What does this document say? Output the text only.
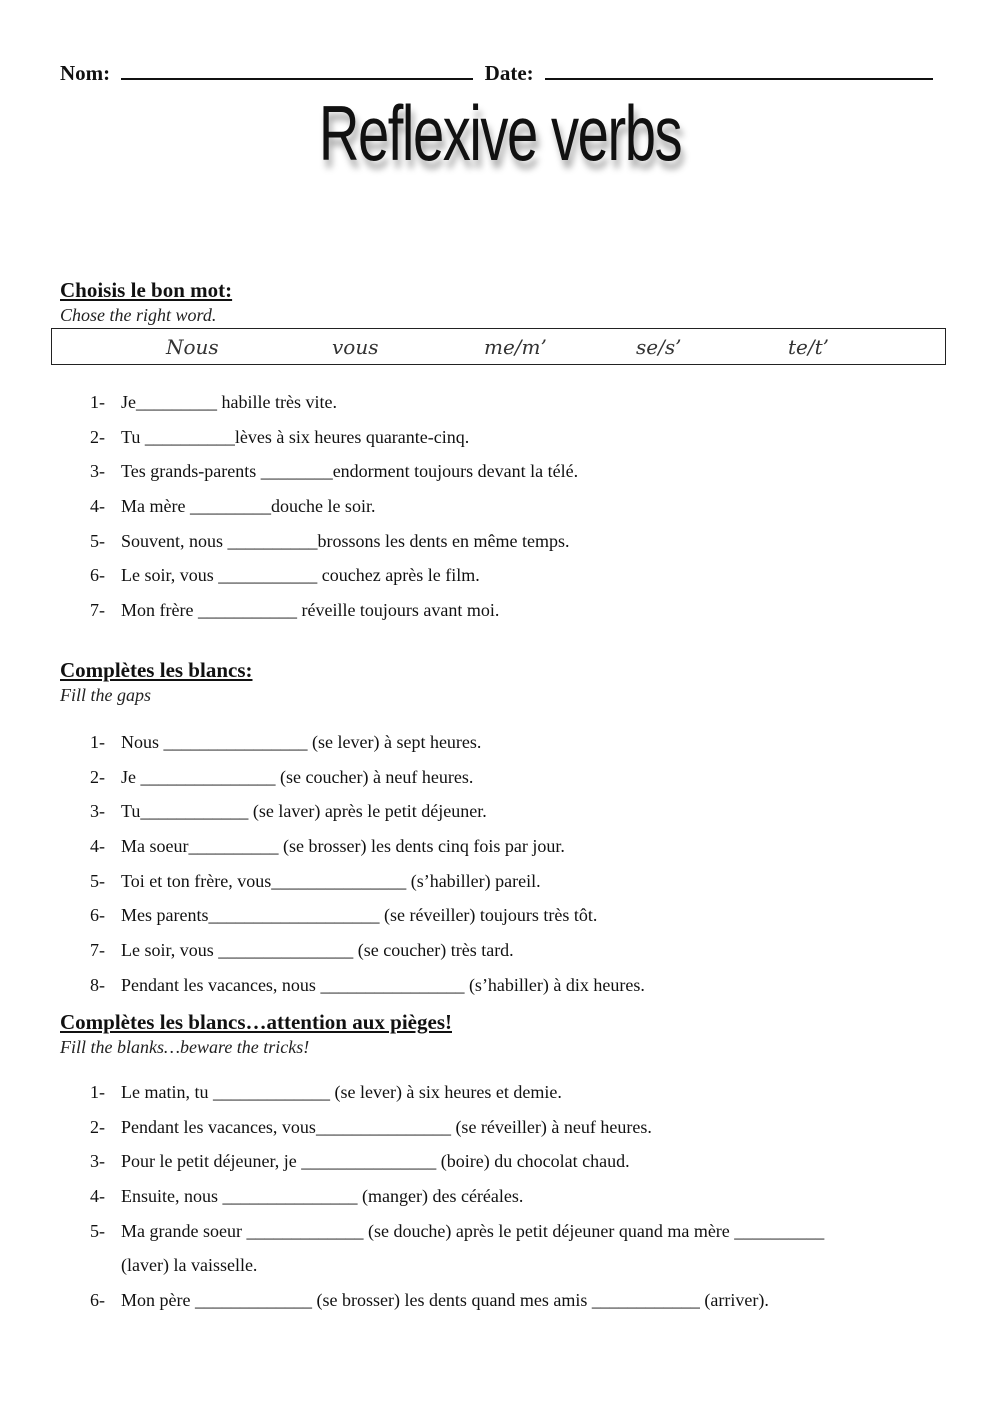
Nom:	Date:
Reflexive verbs
Choisis le bon mot:
Chose the right word.
Nous	vous	me/m’	se/s’	te/t’
1- Je_________ habille très vite.
2- Tu __________lèves à six heures quarante-cinq.
3- Tes grands-parents ________endorment toujours devant la télé.
4- Ma mère _________douche le soir.
5- Souvent, nous __________brossons les dents en même temps.
6- Le soir, vous ___________ couchez après le film.
7- Mon frère ___________ réveille toujours avant moi.
Complètes les blancs:
Fill the gaps
1- Nous ________________ (se lever) à sept heures.
2- Je _______________ (se coucher) à neuf heures.
3- Tu____________ (se laver) après le petit déjeuner.
4- Ma soeur__________ (se brosser) les dents cinq fois par jour.
5- Toi et ton frère, vous_______________ (s’habiller) pareil.
6- Mes parents___________________ (se réveiller) toujours très tôt.
7- Le soir, vous _______________ (se coucher) très tard.
8- Pendant les vacances, nous ________________ (s’habiller) à dix heures.
Complètes les blancs…attention aux pièges!
Fill the blanks…beware the tricks!
1- Le matin, tu _____________ (se lever) à six heures et demie.
2- Pendant les vacances, vous_______________ (se réveiller) à neuf heures.
3- Pour le petit déjeuner, je _______________ (boire) du chocolat chaud.
4- Ensuite, nous _______________ (manger) des céréales.
5- Ma grande soeur _____________ (se douche) après le petit déjeuner quand ma mère __________
(laver) la vaisselle.
6- Mon père _____________ (se brosser) les dents quand mes amis ____________ (arriver).
